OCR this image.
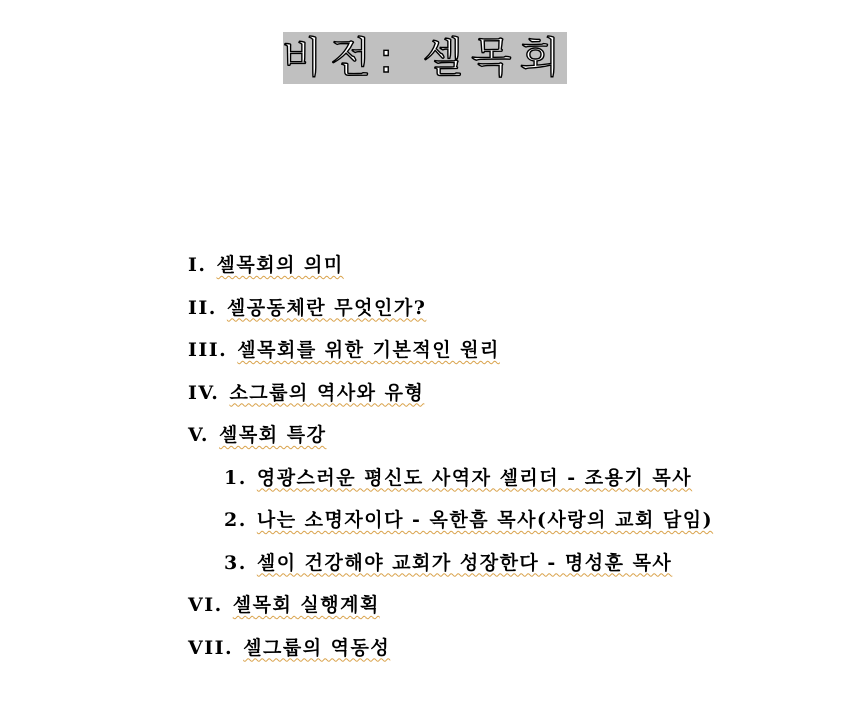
비전: 셀목회
I. 셀목회의 의미
II. 셀공동체란 무엇인가?
III. 셀목회를 위한 기본적인 원리
IV. 소그룹의 역사와 유형
V. 셀목회 특강
1. 영광스러운 평신도 사역자 셀리더 - 조용기 목사
2. 나는 소명자이다 - 옥한흠 목사(사랑의 교회 담임)
3. 셀이 건강해야 교회가 성장한다 - 명성훈 목사
VI. 셀목회 실행계획
VII. 셀그룹의 역동성
